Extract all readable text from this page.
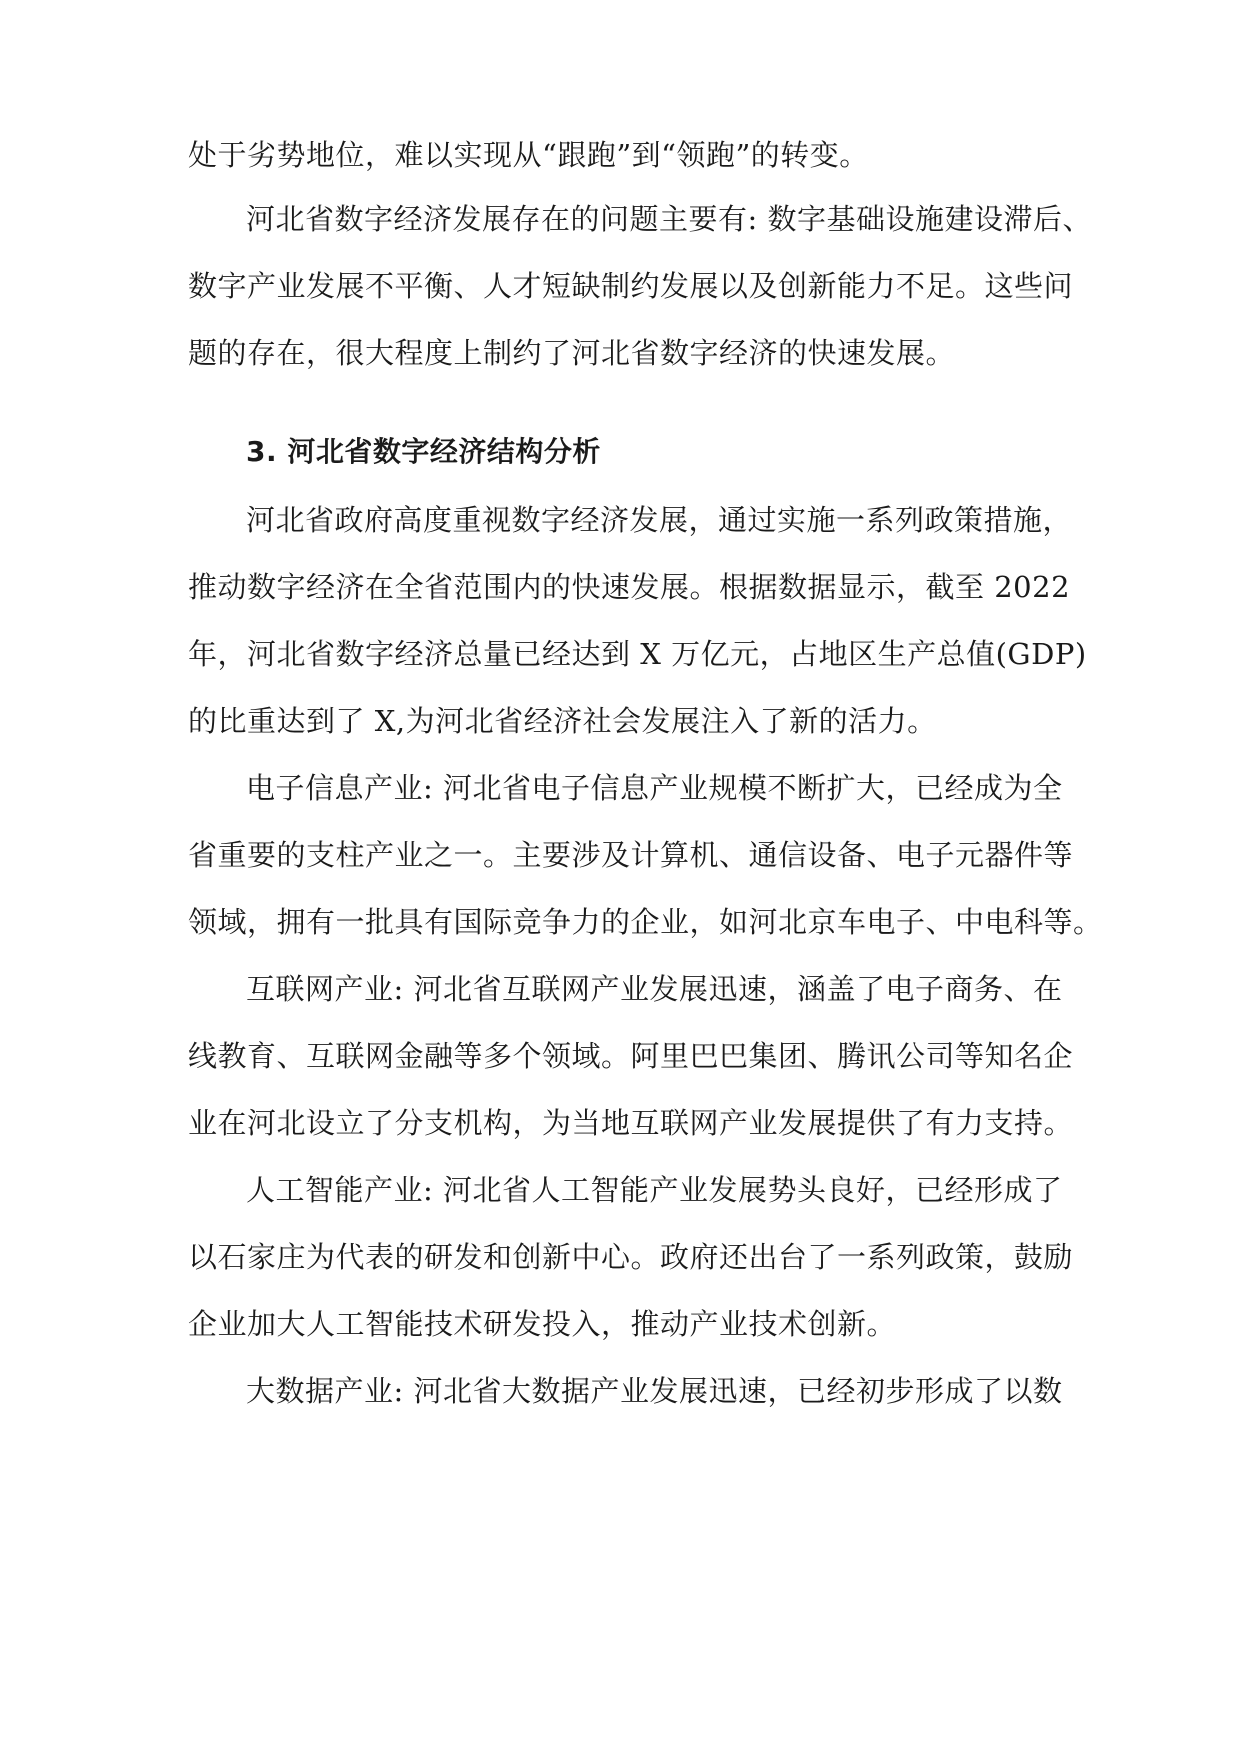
处于劣势地位，难以实现从“跟跑”到“领跑”的转变。
河北省数字经济发展存在的问题主要有: 数字基础设施建设滞后、
数字产业发展不平衡、人才短缺制约发展以及创新能力不足。这些问
题的存在，很大程度上制约了河北省数字经济的快速发展。
3. 河北省数字经济结构分析
河北省政府高度重视数字经济发展，通过实施一系列政策措施，
推动数字经济在全省范围内的快速发展。根据数据显示，截至 2022
年，河北省数字经济总量已经达到 X 万亿元，占地区生产总值(GDP)
的比重达到了 X,为河北省经济社会发展注入了新的活力。
电子信息产业: 河北省电子信息产业规模不断扩大，已经成为全
省重要的支柱产业之一。主要涉及计算机、通信设备、电子元器件等
领域，拥有一批具有国际竞争力的企业，如河北京车电子、中电科等。
互联网产业: 河北省互联网产业发展迅速，涵盖了电子商务、在
线教育、互联网金融等多个领域。阿里巴巴集团、腾讯公司等知名企
业在河北设立了分支机构，为当地互联网产业发展提供了有力支持。
人工智能产业: 河北省人工智能产业发展势头良好，已经形成了
以石家庄为代表的研发和创新中心。政府还出台了一系列政策，鼓励
企业加大人工智能技术研发投入，推动产业技术创新。
大数据产业: 河北省大数据产业发展迅速，已经初步形成了以数
